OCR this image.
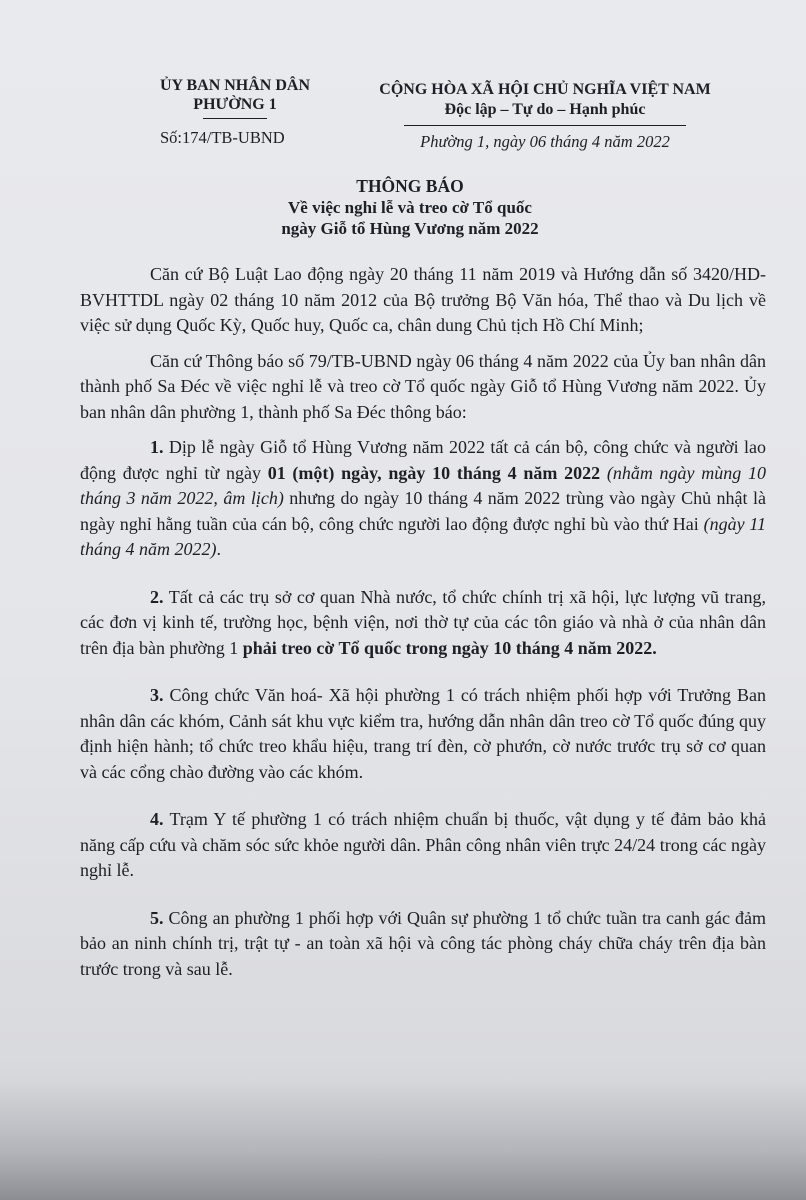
ỦY BAN NHÂN DÂN
PHƯỜNG 1
Số:174/TB-UBND
CỘNG HÒA XÃ HỘI CHỦ NGHĨA VIỆT NAM
Độc lập – Tự do – Hạnh phúc
Phường 1, ngày 06 tháng 4 năm 2022
THÔNG BÁO
Về việc nghỉ lễ và treo cờ Tổ quốc
ngày Giỗ tổ Hùng Vương năm 2022

Căn cứ Bộ Luật Lao động ngày 20 tháng 11 năm 2019 và Hướng dẫn số 3420/HD-BVHTTDL ngày 02 tháng 10 năm 2012 của Bộ trưởng Bộ Văn hóa, Thể thao và Du lịch về việc sử dụng Quốc Kỳ, Quốc huy, Quốc ca, chân dung Chủ tịch Hồ Chí Minh;

Căn cứ Thông báo số 79/TB-UBND ngày 06 tháng 4 năm 2022 của Ủy ban nhân dân thành phố Sa Đéc về việc nghỉ lễ và treo cờ Tổ quốc ngày Giỗ tổ Hùng Vương năm 2022. Ủy ban nhân dân phường 1, thành phố Sa Đéc thông báo:

1. Dịp lễ ngày Giỗ tổ Hùng Vương năm 2022 tất cả cán bộ, công chức và người lao động được nghỉ từ ngày 01 (một) ngày, ngày 10 tháng 4 năm 2022 (nhằm ngày mùng 10 tháng 3 năm 2022, âm lịch) nhưng do ngày 10 tháng 4 năm 2022 trùng vào ngày Chủ nhật là ngày nghỉ hằng tuần của cán bộ, công chức người lao động được nghỉ bù vào thứ Hai (ngày 11 tháng 4 năm 2022).

2. Tất cả các trụ sở cơ quan Nhà nước, tổ chức chính trị xã hội, lực lượng vũ trang, các đơn vị kinh tế, trường học, bệnh viện, nơi thờ tự của các tôn giáo và nhà ở của nhân dân trên địa bàn phường 1 phải treo cờ Tổ quốc trong ngày 10 tháng 4 năm 2022.

3. Công chức Văn hoá- Xã hội phường 1 có trách nhiệm phối hợp với Trưởng Ban nhân dân các khóm, Cảnh sát khu vực kiểm tra, hướng dẫn nhân dân treo cờ Tổ quốc đúng quy định hiện hành; tổ chức treo khẩu hiệu, trang trí đèn, cờ phướn, cờ nước trước trụ sở cơ quan và các cổng chào đường vào các khóm.

4. Trạm Y tế phường 1 có trách nhiệm chuẩn bị thuốc, vật dụng y tế đảm bảo khả năng cấp cứu và chăm sóc sức khỏe người dân. Phân công nhân viên trực 24/24 trong các ngày nghỉ lễ.

5. Công an phường 1 phối hợp với Quân sự phường 1 tổ chức tuần tra canh gác đảm bảo an ninh chính trị, trật tự - an toàn xã hội và công tác phòng cháy chữa cháy trên địa bàn trước trong và sau lễ.
